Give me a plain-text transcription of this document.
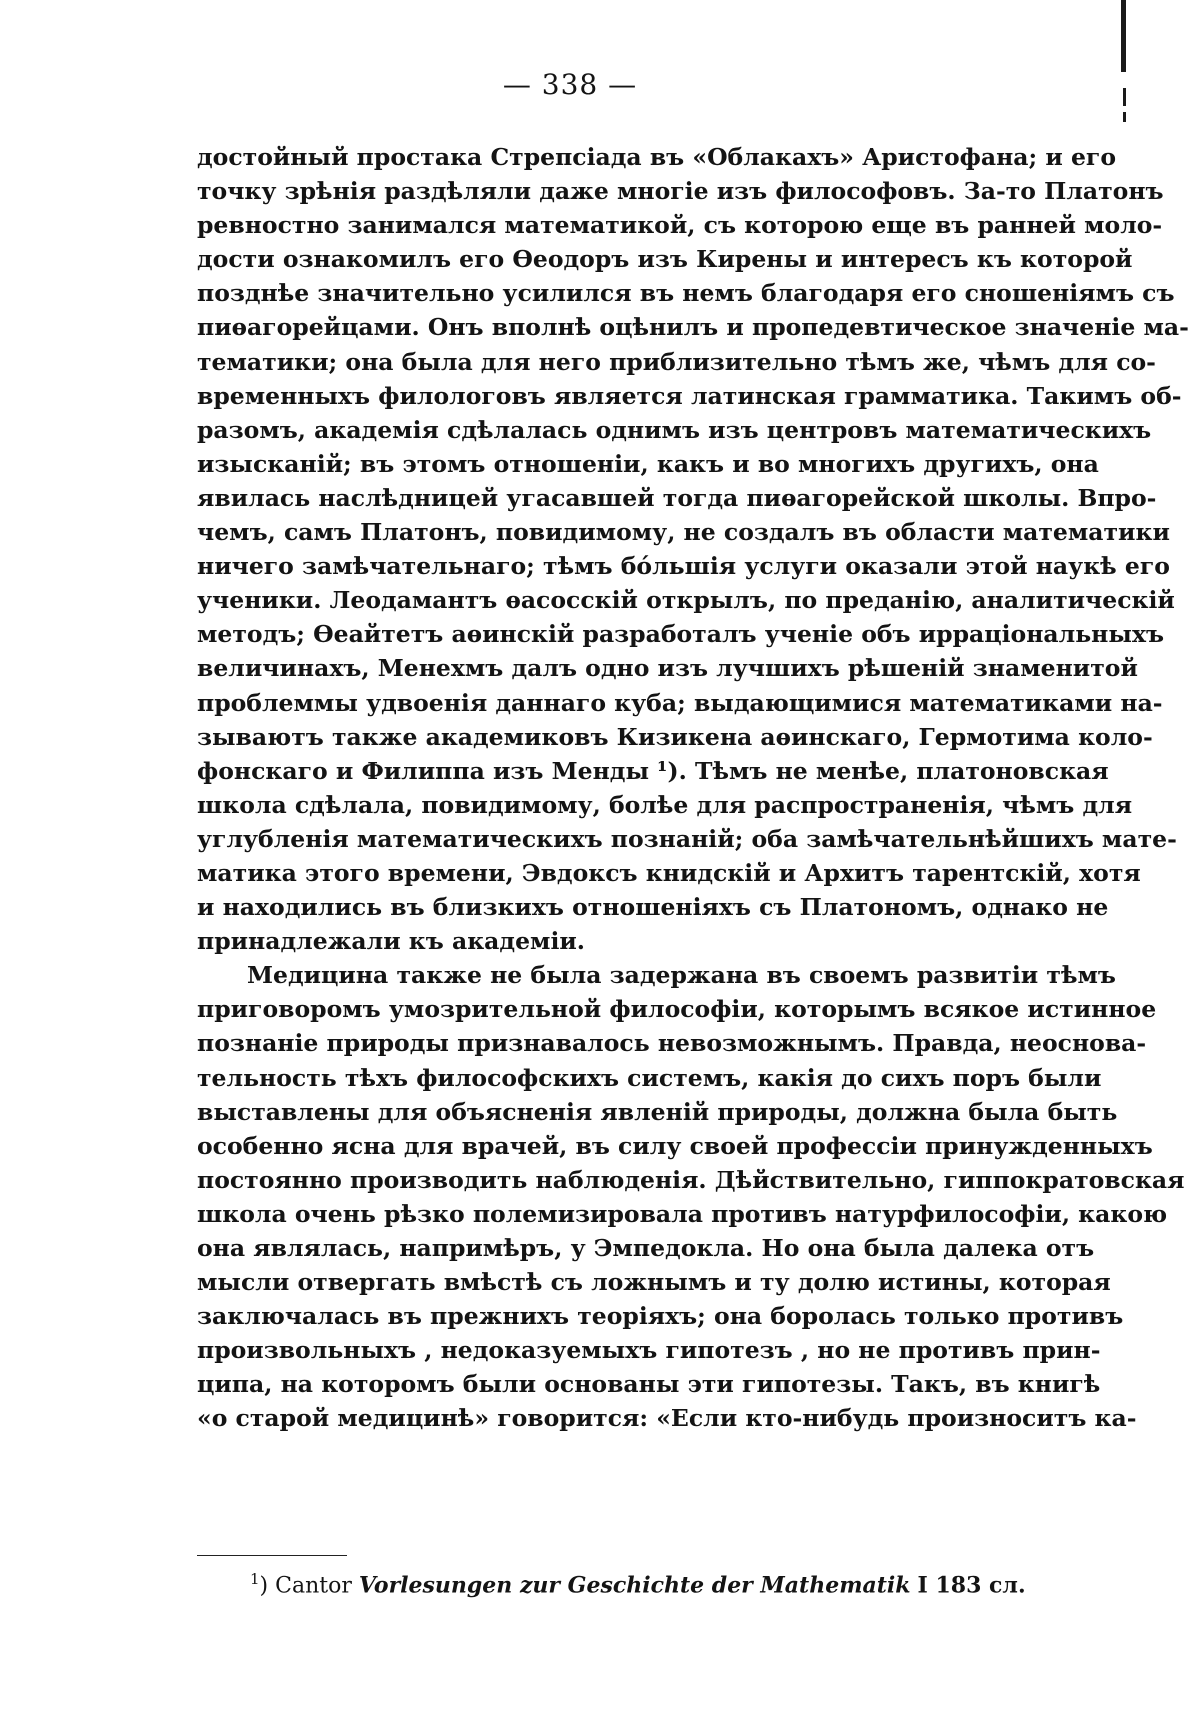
— 338 —
достойный простака Стрепсіада въ «Облакахъ» Аристофана; и его
точку зрѣнія раздѣляли даже многіе изъ философовъ. За-то Платонъ
ревностно занимался математикой, съ которою еще въ ранней моло-
дости ознакомилъ его Өеодоръ изъ Кирены и интересъ къ которой
позднѣе значительно усилился въ немъ благодаря его сношеніямъ съ
пиѳагорейцами. Онъ вполнѣ оцѣнилъ и пропедевтическое значеніе ма-
тематики; она была для него приблизительно тѣмъ же, чѣмъ для со-
временныхъ филологовъ является латинская грамматика. Такимъ об-
разомъ, академія сдѣлалась однимъ изъ центровъ математическихъ
изысканій; въ этомъ отношеніи, какъ и во многихъ другихъ, она
явилась наслѣдницей угасавшей тогда пиѳагорейской школы. Впро-
чемъ, самъ Платонъ, повидимому, не создалъ въ области математики
ничего замѣчательнаго; тѣмъ бóльшія услуги оказали этой наукѣ его
ученики. Леодамантъ ѳасосскій открылъ, по преданію, аналитическій
методъ; Өеайтетъ аѳинскій разработалъ ученіе объ ирраціональныхъ
величинахъ, Менехмъ далъ одно изъ лучшихъ рѣшеній знаменитой
проблеммы удвоенія даннаго куба; выдающимися математиками на-
зываютъ также академиковъ Кизикена аѳинскаго, Гермотима коло-
фонскаго и Филиппа изъ Менды ¹). Тѣмъ не менѣе, платоновская
школа сдѣлала, повидимому, болѣе для распространенія, чѣмъ для
углубленія математическихъ познаній; оба замѣчательнѣйшихъ мате-
матика этого времени, Эвдоксъ книдскій и Архитъ тарентскій, хотя
и находились въ близкихъ отношеніяхъ съ Платономъ, однако не
принадлежали къ академіи.
Медицина также не была задержана въ своемъ развитіи тѣмъ
приговоромъ умозрительной философіи, которымъ всякое истинное
познаніе природы признавалось невозможнымъ. Правда, неоснова-
тельность тѣхъ философскихъ системъ, какія до сихъ поръ были
выставлены для объясненія явленій природы, должна была быть
особенно ясна для врачей, въ силу своей профессіи принужденныхъ
постоянно производить наблюденія. Дѣйствительно, гиппократовская
школа очень рѣзко полемизировала противъ натурфилософіи, какою
она являлась, напримѣръ, у Эмпедокла. Но она была далека отъ
мысли отвергать вмѣстѣ съ ложнымъ и ту долю истины, которая
заключалась въ прежнихъ теоріяхъ; она боролась только противъ
произвольныхъ , недоказуемыхъ гипотезъ , но не противъ прин-
ципа, на которомъ были основаны эти гипотезы. Такъ, въ книгѣ
«о старой медицинѣ» говорится: «Если кто-нибудь произноситъ ка-
$^1$) Cantor Vorlesungen zur Geschichte der Mathematik I 183 сл.
